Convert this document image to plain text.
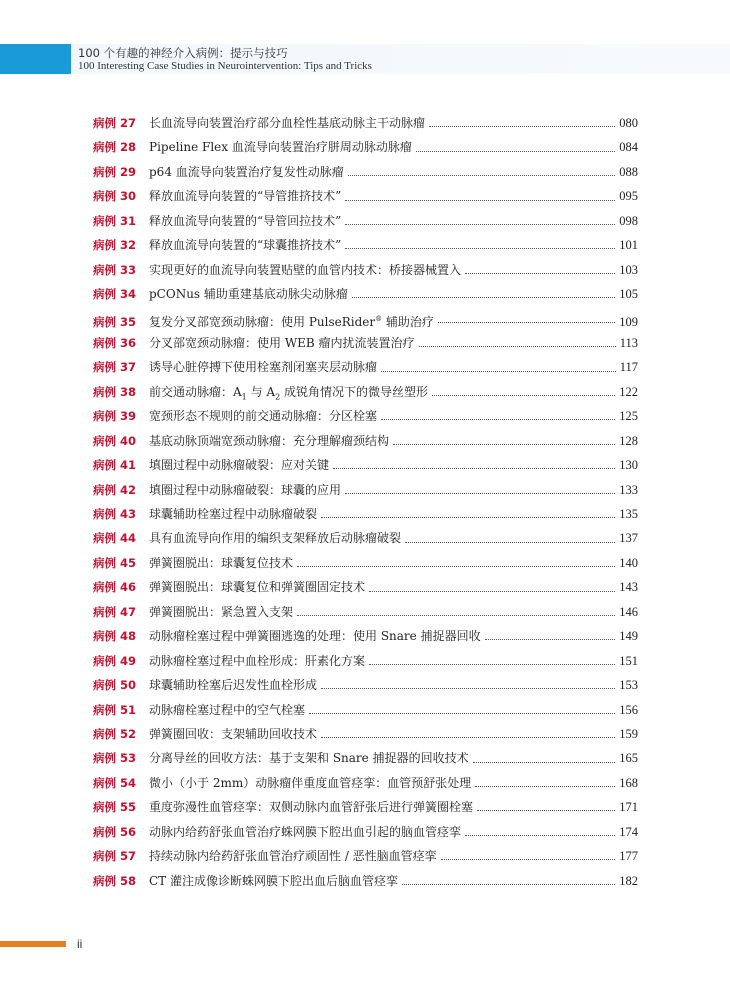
100 个有趣的神经介入病例：提示与技巧
100 Interesting Case Studies in Neurointervention: Tips and Tricks
病例 27	长血流导向装置治疗部分血栓性基底动脉主干动脉瘤	080
病例 28	Pipeline Flex 血流导向装置治疗胼周动脉动脉瘤	084
病例 29	p64 血流导向装置治疗复发性动脉瘤	088
病例 30	释放血流导向装置的“导管推挤技术”	095
病例 31	释放血流导向装置的“导管回拉技术”	098
病例 32	释放血流导向装置的“球囊推挤技术”	101
病例 33	实现更好的血流导向装置贴壁的血管内技术：桥接器械置入	103
病例 34	pCONus 辅助重建基底动脉尖动脉瘤	105
病例 35	复发分叉部宽颈动脉瘤：使用 PulseRider® 辅助治疗	109
病例 36	分叉部宽颈动脉瘤：使用 WEB 瘤内扰流装置治疗	113
病例 37	诱导心脏停搏下使用栓塞剂闭塞夹层动脉瘤	117
病例 38	前交通动脉瘤：$A_1$ 与 $A_2$ 成锐角情况下的微导丝塑形	122
病例 39	宽颈形态不规则的前交通动脉瘤：分区栓塞	125
病例 40	基底动脉顶端宽颈动脉瘤：充分理解瘤颈结构	128
病例 41	填圈过程中动脉瘤破裂：应对关键	130
病例 42	填圈过程中动脉瘤破裂：球囊的应用	133
病例 43	球囊辅助栓塞过程中动脉瘤破裂	135
病例 44	具有血流导向作用的编织支架释放后动脉瘤破裂	137
病例 45	弹簧圈脱出：球囊复位技术	140
病例 46	弹簧圈脱出：球囊复位和弹簧圈固定技术	143
病例 47	弹簧圈脱出：紧急置入支架	146
病例 48	动脉瘤栓塞过程中弹簧圈逃逸的处理：使用 Snare 捕捉器回收	149
病例 49	动脉瘤栓塞过程中血栓形成：肝素化方案	151
病例 50	球囊辅助栓塞后迟发性血栓形成	153
病例 51	动脉瘤栓塞过程中的空气栓塞	156
病例 52	弹簧圈回收：支架辅助回收技术	159
病例 53	分离导丝的回收方法：基于支架和 Snare 捕捉器的回收技术	165
病例 54	微小（小于 2mm）动脉瘤伴重度血管痉挛：血管预舒张处理	168
病例 55	重度弥漫性血管痉挛：双侧动脉内血管舒张后进行弹簧圈栓塞	171
病例 56	动脉内给药舒张血管治疗蛛网膜下腔出血引起的脑血管痉挛	174
病例 57	持续动脉内给药舒张血管治疗顽固性 / 恶性脑血管痉挛	177
病例 58	CT 灌注成像诊断蛛网膜下腔出血后脑血管痉挛	182
ii
